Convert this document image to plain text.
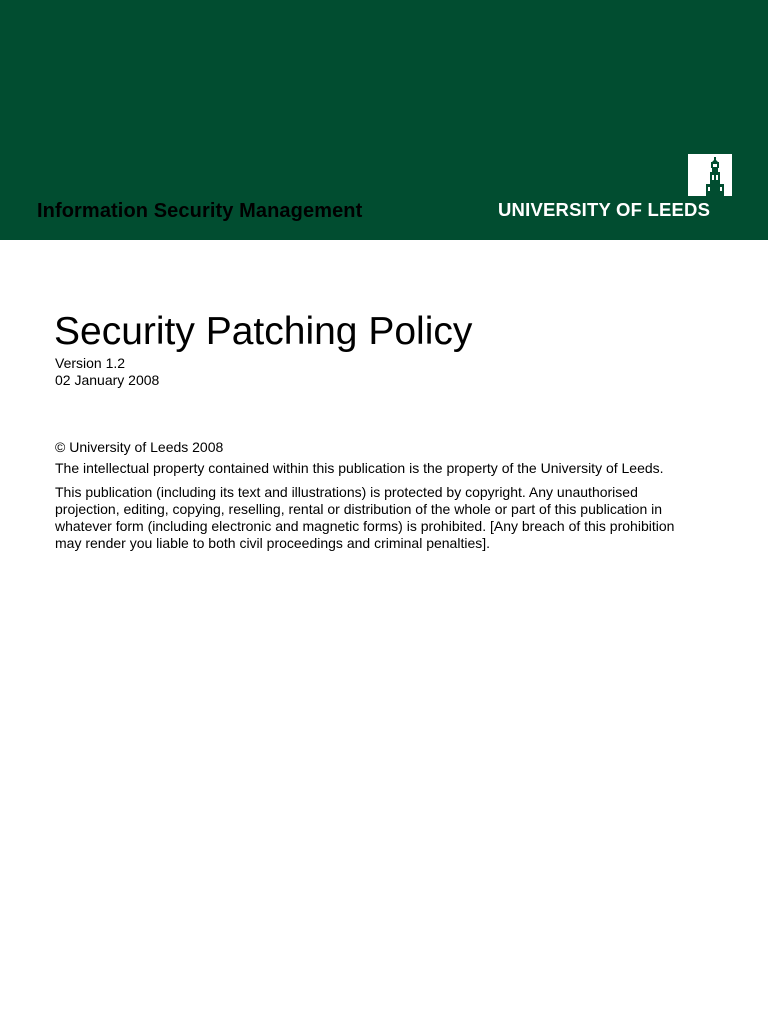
Information Security Management	UNIVERSITY OF LEEDS
Security Patching Policy
Version 1.2
02 January 2008
© University of Leeds 2008

The intellectual property contained within this publication is the property of the University of Leeds.

This publication (including its text and illustrations) is protected by copyright. Any unauthorised projection, editing, copying, reselling, rental or distribution of the whole or part of this publication in whatever form (including electronic and magnetic forms) is prohibited. [Any breach of this prohibition may render you liable to both civil proceedings and criminal penalties].
